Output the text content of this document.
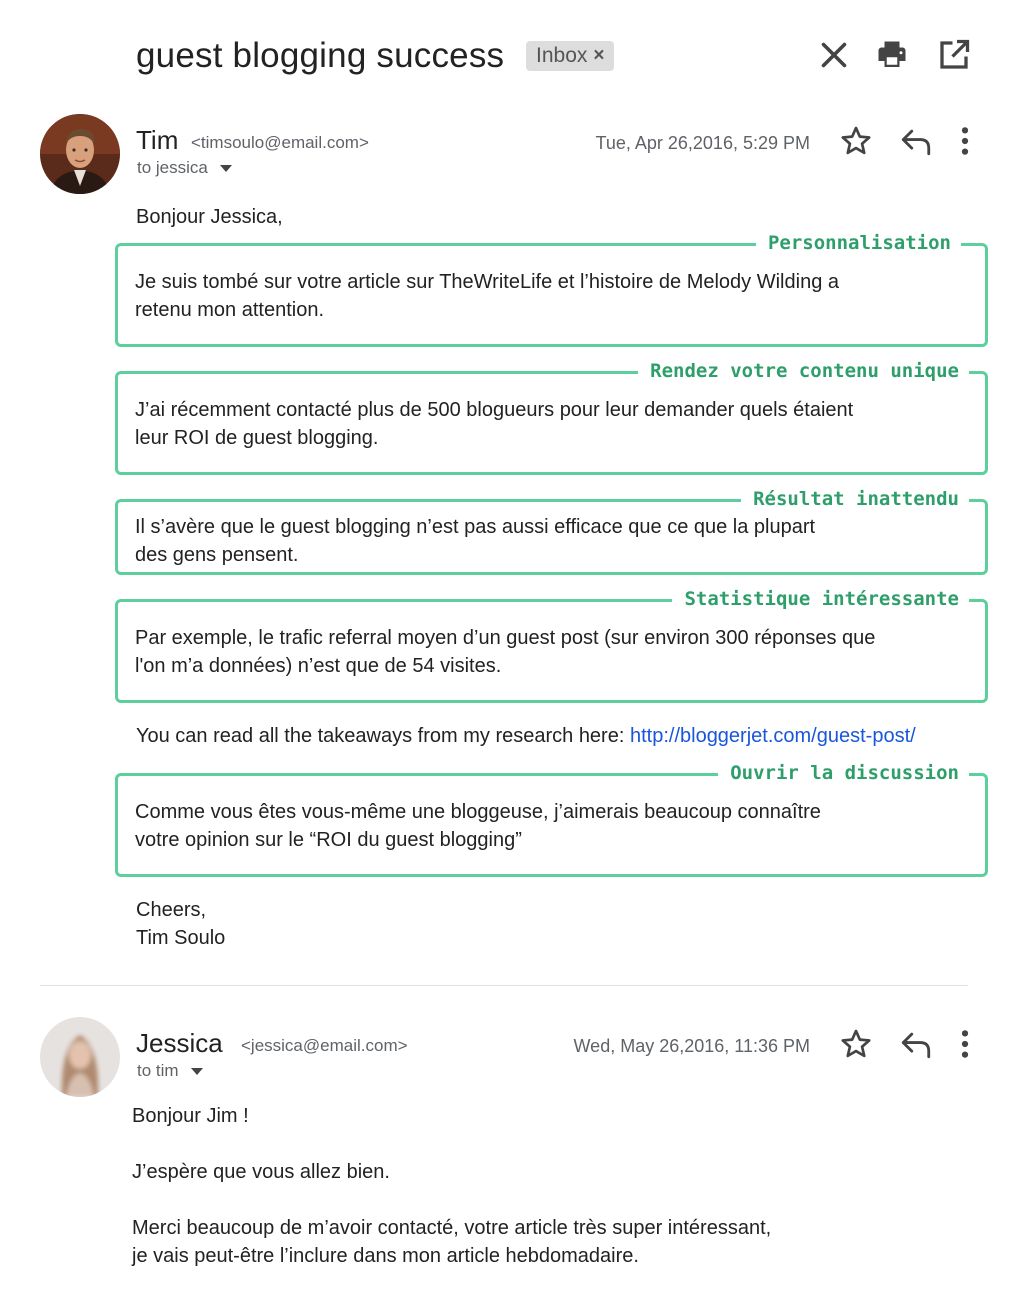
guest blogging success Inbox ×
Tim <timsoulo@email.com>
to jessica
Tue, Apr 26,2016, 5:29 PM
Bonjour Jessica,
Personnalisation
Je suis tombé sur votre article sur TheWriteLife et l’histoire de Melody Wilding a
retenu mon attention.
Rendez votre contenu unique
J’ai récemment contacté plus de 500 blogueurs pour leur demander quels étaient
leur ROI de guest blogging.
Résultat inattendu
Il s’avère que le guest blogging n’est pas aussi efficace que ce que la plupart
des gens pensent.
Statistique intéressante
Par exemple, le trafic referral moyen d’un guest post (sur environ 300 réponses que
l'on m’a données) n’est que de 54 visites.
You can read all the takeaways from my research here: http://bloggerjet.com/guest-post/
Ouvrir la discussion
Comme vous êtes vous-même une bloggeuse, j’aimerais beaucoup connaître
votre opinion sur le “ROI du guest blogging”
Cheers,
Tim Soulo
Jessica <jessica@email.com>
to tim
Wed, May 26,2016, 11:36 PM
Bonjour Jim !
J’espère que vous allez bien.
Merci beaucoup de m’avoir contacté, votre article très super intéressant,
je vais peut-être l’inclure dans mon article hebdomadaire.
